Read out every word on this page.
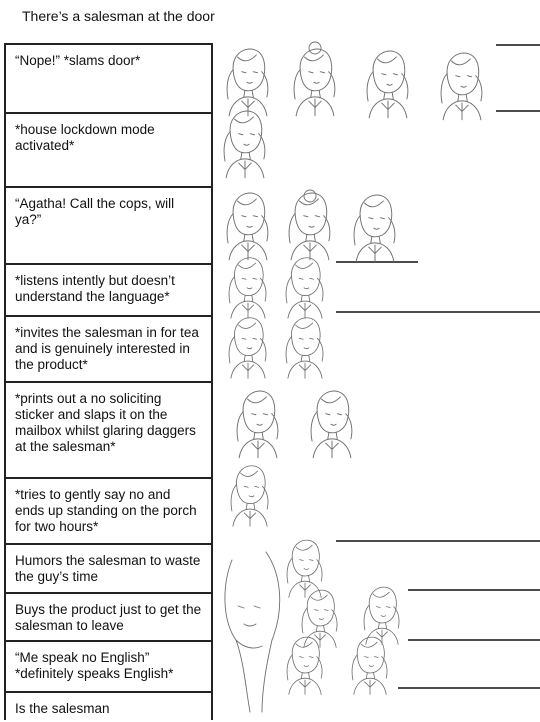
There’s a salesman at the door
“Nope!” *slams door*
*house lockdown mode activated*
“Agatha! Call the cops, will ya?”
*listens intently but doesn’t understand the language*
*invites the salesman in for tea and is genuinely interested in the product*
*prints out a no soliciting sticker and slaps it on the mailbox whilst glaring daggers at the salesman*
*tries to gently say no and ends up standing on the porch for two hours*
Humors the salesman to waste the guy’s time
Buys the product just to get the salesman to leave
“Me speak no English” *definitely speaks English*
Is the salesman
